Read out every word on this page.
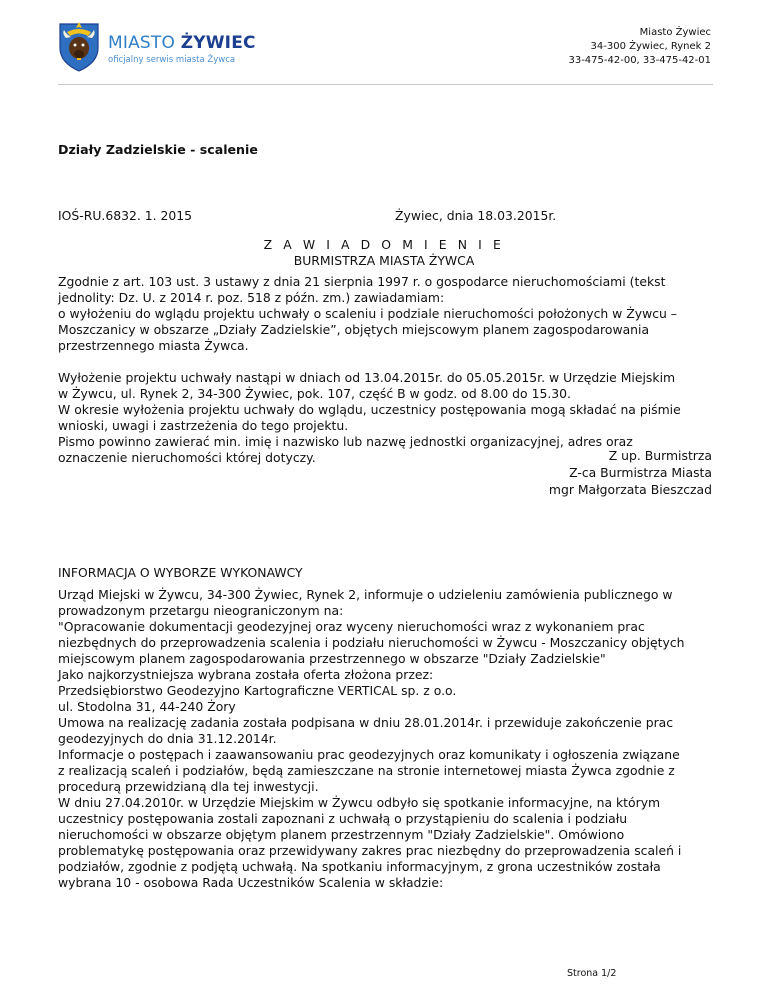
MIASTO ŻYWIEC
oficjalny serwis miasta Żywca
Miasto Żywiec
34-300 Żywiec, Rynek 2
33-475-42-00, 33-475-42-01
Działy Zadzielskie - scalenie
IOŚ-RU.6832. 1. 2015	Żywiec, dnia 18.03.2015r.
Z A W I A D O M I E N I E
BURMISTRZA MIASTA ŻYWCA
Zgodnie z art. 103 ust. 3 ustawy z dnia 21 sierpnia 1997 r. o gospodarce nieruchomościami (tekst
jednolity: Dz. U. z 2014 r. poz. 518 z późn. zm.) zawiadamiam:
o wyłożeniu do wglądu projektu uchwały o scaleniu i podziale nieruchomości położonych w Żywcu –
Moszczanicy w obszarze „Działy Zadzielskie”, objętych miejscowym planem zagospodarowania
przestrzennego miasta Żywca.
Wyłożenie projektu uchwały nastąpi w dniach od 13.04.2015r. do 05.05.2015r. w Urzędzie Miejskim
w Żywcu, ul. Rynek 2, 34-300 Żywiec, pok. 107, część B w godz. od 8.00 do 15.30.
W okresie wyłożenia projektu uchwały do wglądu, uczestnicy postępowania mogą składać na piśmie
wnioski, uwagi i zastrzeżenia do tego projektu.
Pismo powinno zawierać min. imię i nazwisko lub nazwę jednostki organizacyjnej, adres oraz
oznaczenie nieruchomości której dotyczy.	Z up. Burmistrza
Z-ca Burmistrza Miasta
mgr Małgorzata Bieszczad
INFORMACJA O WYBORZE WYKONAWCY
Urząd Miejski w Żywcu, 34-300 Żywiec, Rynek 2, informuje o udzieleniu zamówienia publicznego w
prowadzonym przetargu nieograniczonym na:
"Opracowanie dokumentacji geodezyjnej oraz wyceny nieruchomości wraz z wykonaniem prac
niezbędnych do przeprowadzenia scalenia i podziału nieruchomości w Żywcu - Moszczanicy objętych
miejscowym planem zagospodarowania przestrzennego w obszarze "Działy Zadzielskie"
Jako najkorzystniejsza wybrana została oferta złożona przez:
Przedsiębiorstwo Geodezyjno Kartograficzne VERTICAL sp. z o.o.
ul. Stodolna 31, 44-240 Żory
Umowa na realizację zadania została podpisana w dniu 28.01.2014r. i przewiduje zakończenie prac
geodezyjnych do dnia 31.12.2014r.
Informacje o postępach i zaawansowaniu prac geodezyjnych oraz komunikaty i ogłoszenia związane
z realizacją scaleń i podziałów, będą zamieszczane na stronie internetowej miasta Żywca zgodnie z
procedurą przewidzianą dla tej inwestycji.
W dniu 27.04.2010r. w Urzędzie Miejskim w Żywcu odbyło się spotkanie informacyjne, na którym
uczestnicy postępowania zostali zapoznani z uchwałą o przystąpieniu do scalenia i podziału
nieruchomości w obszarze objętym planem przestrzennym "Działy Zadzielskie". Omówiono
problematykę postępowania oraz przewidywany zakres prac niezbędny do przeprowadzenia scaleń i
podziałów, zgodnie z podjętą uchwałą. Na spotkaniu informacyjnym, z grona uczestników została
wybrana 10 - osobowa Rada Uczestników Scalenia w składzie:
Strona 1/2
